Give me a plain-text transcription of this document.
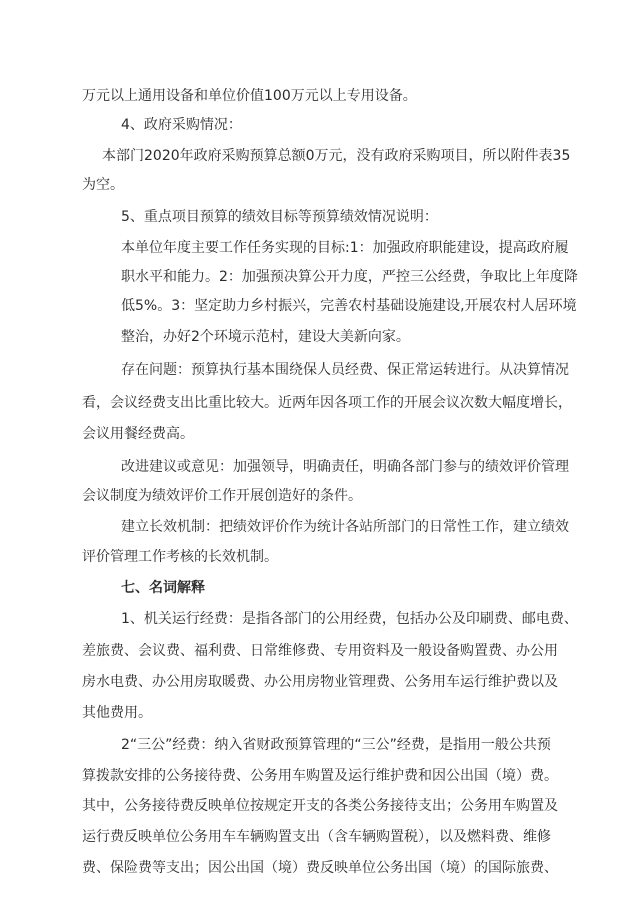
万元以上通用设备和单位价值100万元以上专用设备。

4、政府采购情况：

本部门2020年政府采购预算总额0万元，没有政府采购项目，所以附件表35

为空。

5、重点项目预算的绩效目标等预算绩效情况说明：

本单位年度主要工作任务实现的目标:1：加强政府职能建设，提高政府履

职水平和能力。2：加强预决算公开力度，严控三公经费，争取比上年度降

低5%。3：坚定助力乡村振兴，完善农村基础设施建设,开展农村人居环境

整治，办好2个环境示范村，建设大美新向家。

存在问题：预算执行基本围绕保人员经费、保正常运转进行。从决算情况

看，会议经费支出比重比较大。近两年因各项工作的开展会议次数大幅度增长，

会议用餐经费高。

改进建议或意见：加强领导，明确责任，明确各部门参与的绩效评价管理

会议制度为绩效评价工作开展创造好的条件。

建立长效机制：把绩效评价作为统计各站所部门的日常性工作，建立绩效

评价管理工作考核的长效机制。

七、名词解释

1、机关运行经费：是指各部门的公用经费，包括办公及印刷费、邮电费、

差旅费、会议费、福利费、日常维修费、专用资料及一般设备购置费、办公用

房水电费、办公用房取暖费、办公用房物业管理费、公务用车运行维护费以及

其他费用。

2“三公”经费：纳入省财政预算管理的“三公”经费，是指用一般公共预

算拨款安排的公务接待费、公务用车购置及运行维护费和因公出国（境）费。

其中，公务接待费反映单位按规定开支的各类公务接待支出；公务用车购置及

运行费反映单位公务用车车辆购置支出（含车辆购置税），以及燃料费、维修

费、保险费等支出；因公出国（境）费反映单位公务出国（境）的国际旅费、
